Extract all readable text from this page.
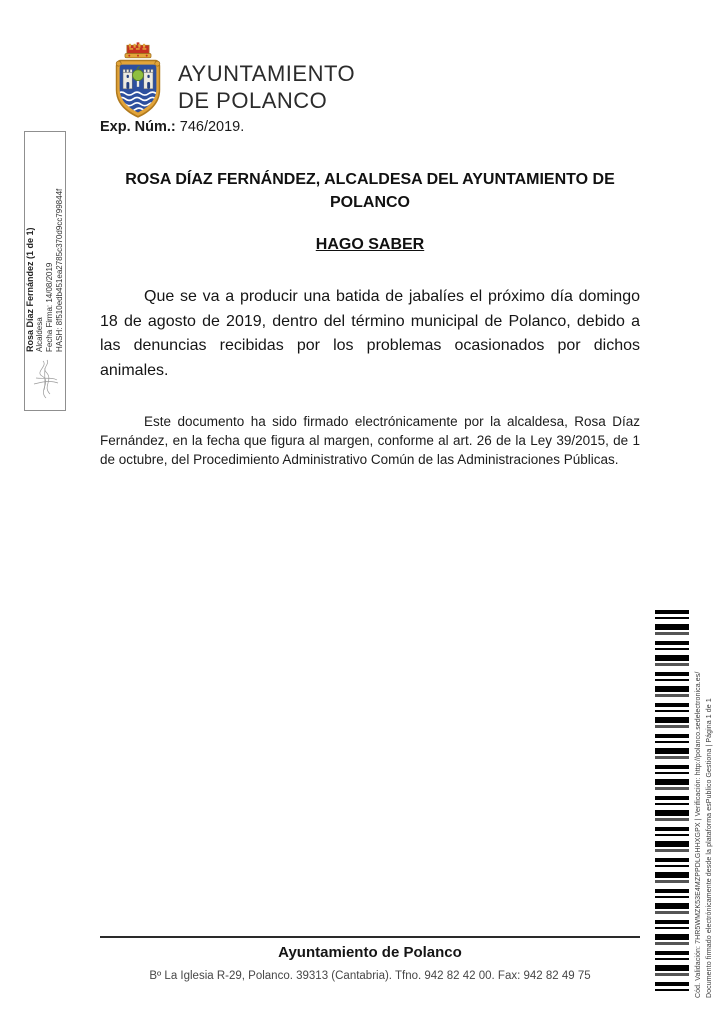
AYUNTAMIENTO
DE POLANCO
Exp. Núm.: 746/2019.
ROSA DÍAZ FERNÁNDEZ, ALCALDESA DEL AYUNTAMIENTO DE POLANCO
HAGO SABER
Que se va a producir una batida de jabalíes el próximo día domingo 18 de agosto de 2019, dentro del término municipal de Polanco, debido a las denuncias recibidas por los problemas ocasionados por dichos animales.
Este documento ha sido firmado electrónicamente por la alcaldesa, Rosa Díaz Fernández, en la fecha que figura al margen, conforme al art. 26 de la Ley 39/2015, de 1 de octubre, del Procedimiento Administrativo Común de las Administraciones Públicas.
Rosa Díaz Fernández (1 de 1) Alcaldesa Fecha Firma: 14/08/2019 HASH: 8f510edb451ea2785c370d9cc799844f
Cód. Validación: 7HR5WMZK53E4MZPPDLGHHXGPX | Verificación: http://polanco.sedelectronica.es/ Documento firmado electrónicamente desde la plataforma esPublico Gestiona | Página 1 de 1
Ayuntamiento de Polanco
Bº La Iglesia R-29, Polanco. 39313 (Cantabria). Tfno. 942 82 42 00. Fax: 942 82 49 75
